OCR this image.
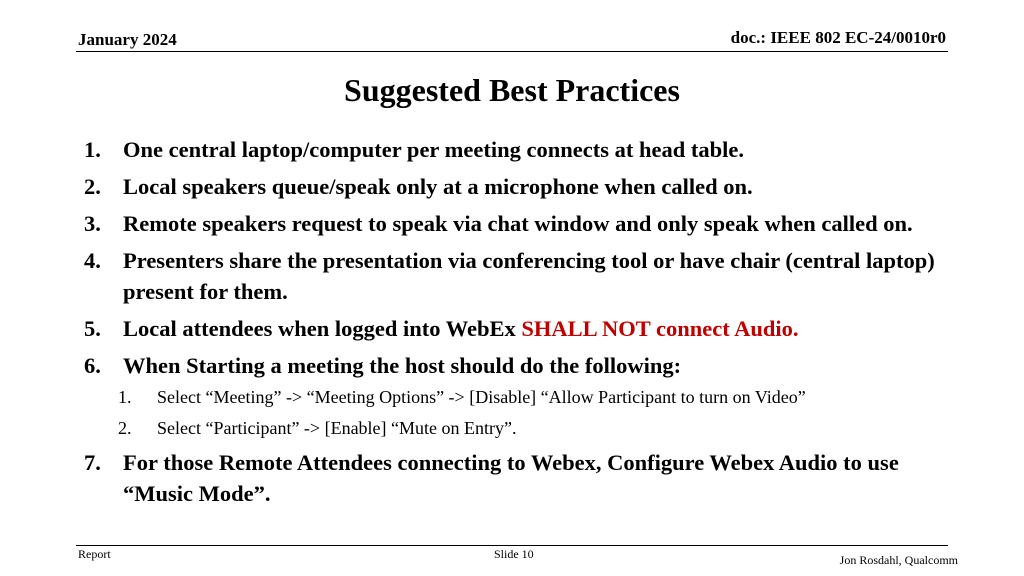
January 2024	doc.: IEEE 802 EC-24/0010r0
Suggested Best Practices
1. One central laptop/computer per meeting connects at head table.
2. Local speakers queue/speak only at a microphone when called on.
3. Remote speakers request to speak via chat window and only speak when called on.
4. Presenters share the presentation via conferencing tool or have chair (central laptop) present for them.
5. Local attendees when logged into WebEx SHALL NOT connect Audio.
6. When Starting a meeting the host should do the following:
1.	Select “Meeting” -> “Meeting Options” -> [Disable] “Allow Participant to turn on Video”
2.	Select “Participant” -> [Enable] “Mute on Entry”.
7. For those Remote Attendees connecting to Webex, Configure Webex Audio to use “Music Mode”.
Report	Slide 10	Jon Rosdahl, Qualcomm
